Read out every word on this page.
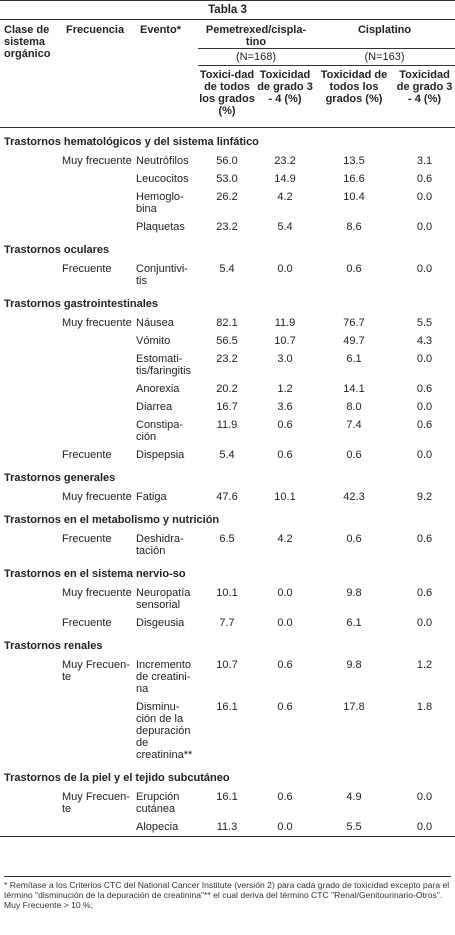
Tabla 3						
Clase de sistema orgánico	Frecuencia	Evento*	Pemetrexed/cispla-tino		Cisplatino	
			(N=168)		(N=163)	
			Toxici-dad de todos los grados (%)	Toxicidad de grado 3 - 4 (%)	Toxicidad de todos los grados (%)	Toxicidad de grado 3 - 4 (%)
Trastornos hematológicos y del sistema linfático						
	Muy frecuente	Neutrófilos	56.0	23.2	13.5	3.1
		Leucocitos	53.0	14.9	16.6	0.6
		Hemoglo-bina	26.2	4.2	10.4	0.0
		Plaquetas	23.2	5.4	8.6	0.0
Trastornos oculares						
	Frecuente	Conjuntivi-tis	5.4	0.0	0.6	0.0
Trastornos gastrointestinales						
	Muy frecuente	Náusea	82.1	11.9	76.7	5.5
		Vómito	56.5	10.7	49.7	4.3
		Estomati-tis/faringitis	23.2	3.0	6.1	0.0
		Anorexia	20.2	1.2	14.1	0.6
		Diarrea	16.7	3.6	8.0	0.0
		Constipa-ción	11.9	0.6	7.4	0.6
	Frecuente	Dispepsia	5.4	0.6	0.6	0.0
Trastornos generales						
	Muy frecuente	Fatiga	47.6	10.1	42.3	9.2
Trastornos en el metabolismo y nutrición						
	Frecuente	Deshidra-tación	6.5	4.2	0.6	0.6
Trastornos en el sistema nervio-so						
	Muy frecuente	Neuropatía sensorial	10.1	0.0	9.8	0.6
	Frecuente	Disgeusia	7.7	0.0	6.1	0.0
Trastornos renales						
	Muy Frecuen-te	Incremento de creatini-na	10.7	0.6	9.8	1.2
		Disminu-ción de la depuración de creatinina**	16.1	0.6	17.8	1.8
Trastornos de la piel y el tejido subcutáneo						
	Muy Frecuen-te	Erupción cutánea	16.1	0.6	4.9	0.0
		Alopecia	11.3	0.0	5.5	0.0
* Remítase a los Criterios CTC del National Cancer Institute (versión 2) para cada grado de toxicidad excepto para el término "disminución de la depuración de creatinina"** el cual deriva del término CTC "Renal/Genitourinario-Otros". Muy Frecuente > 10 %;
